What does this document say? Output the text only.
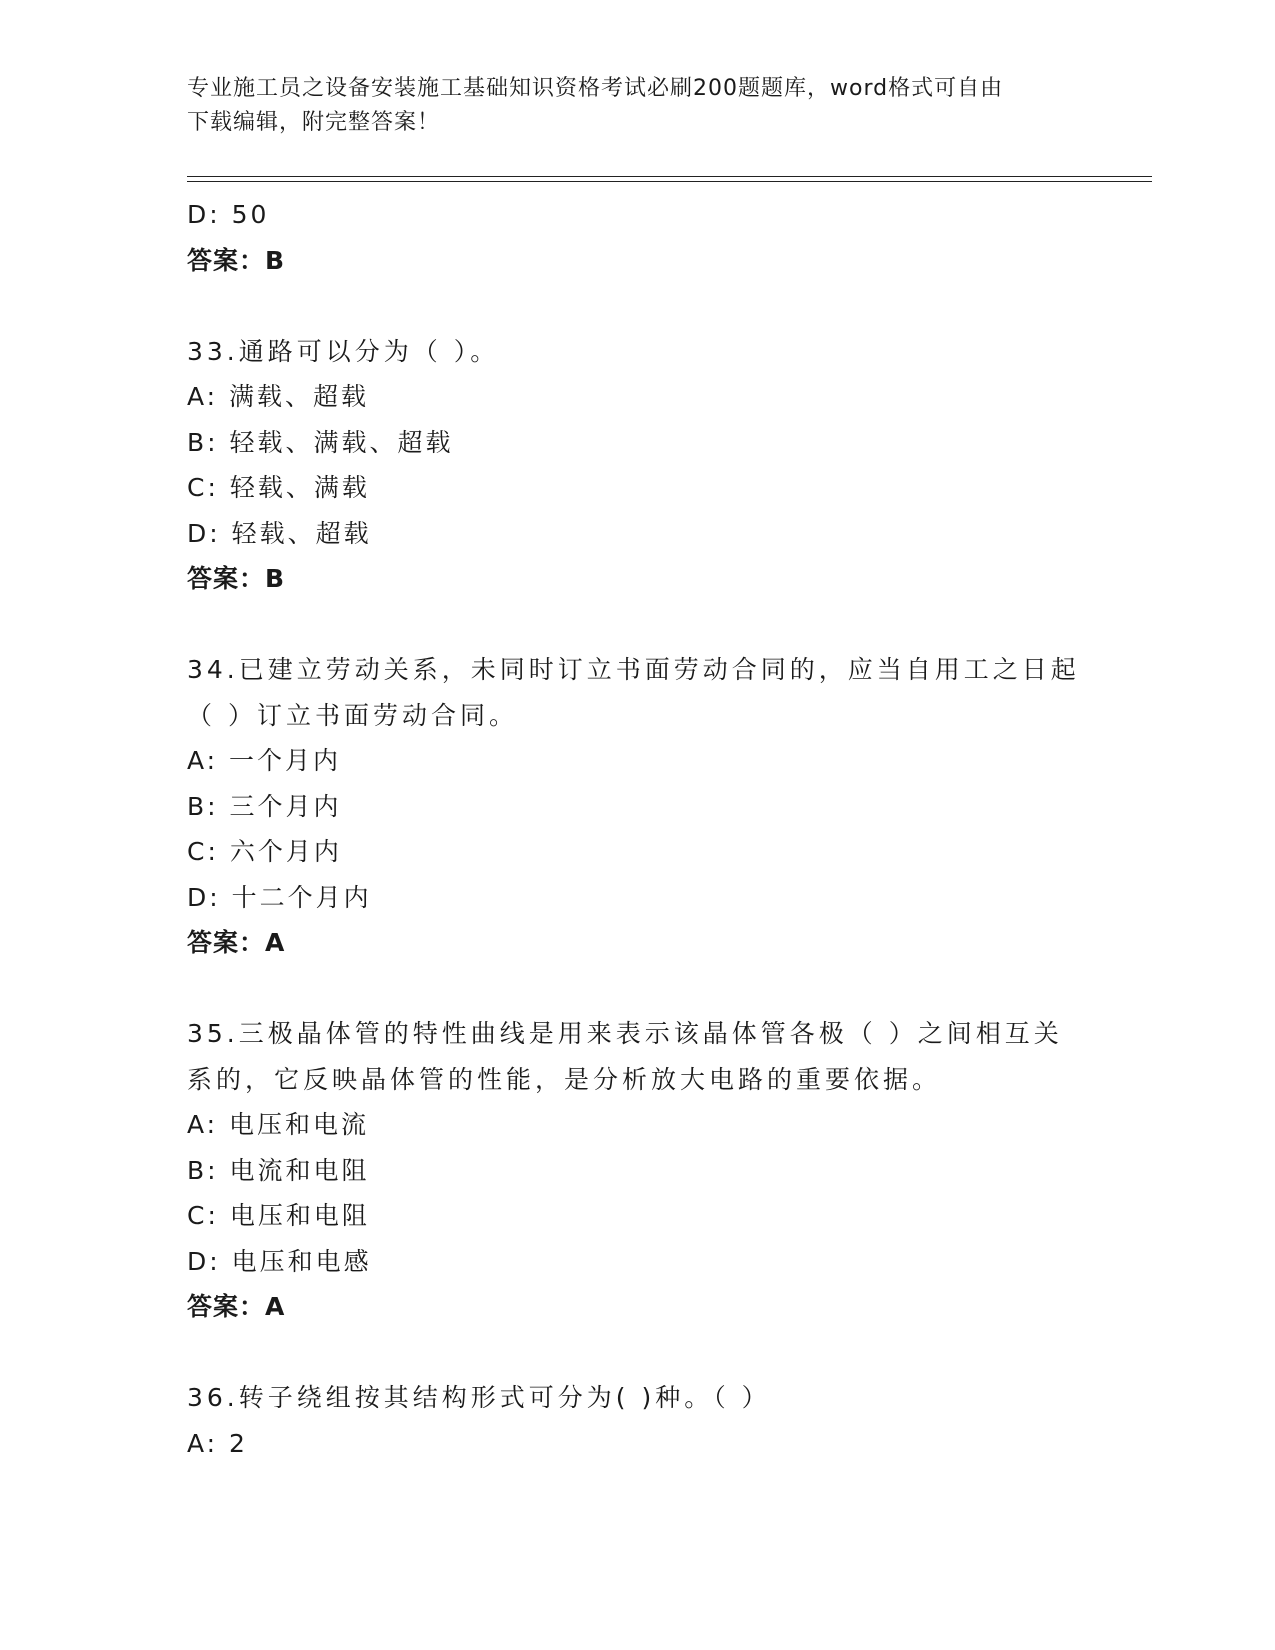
专业施工员之设备安装施工基础知识资格考试必刷200题题库，word格式可自由
下载编辑，附完整答案！
D: 50
答案：B
33.通路可以分为（ ）。
A: 满载、超载
B: 轻载、满载、超载
C: 轻载、满载
D: 轻载、超载
答案：B
34.已建立劳动关系，未同时订立书面劳动合同的，应当自用工之日起
（ ）订立书面劳动合同。
A: 一个月内
B: 三个月内
C: 六个月内
D: 十二个月内
答案：A
35.三极晶体管的特性曲线是用来表示该晶体管各极（ ）之间相互关
系的，它反映晶体管的性能，是分析放大电路的重要依据。
A: 电压和电流
B: 电流和电阻
C: 电压和电阻
D: 电压和电感
答案：A
36.转子绕组按其结构形式可分为( )种。（ ）
A: 2
